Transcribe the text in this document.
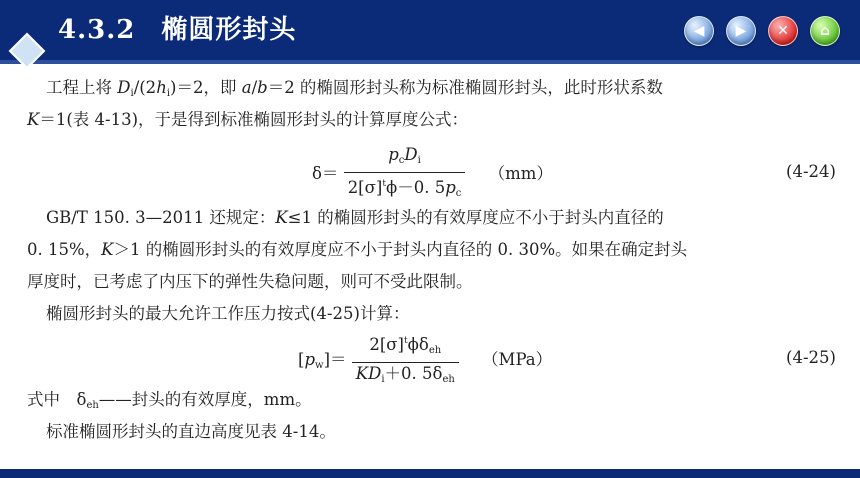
4.3.2 椭圆形封头	◀ ▶ ✕ ⌂
工程上将 $D_i/(2h_i)=2$，即 a/b＝2 的椭圆形封头称为标准椭圆形封头，此时形状系数
K＝1(表 4-13)，于是得到标准椭圆形封头的计算厚度公式：
$\delta= \frac{p_cD_i}{2[\sigma]^t\phi-0. 5p_c} (mm)$	(4-24)
GB/T 150. 3—2011 还规定：K≤1 的椭圆形封头的有效厚度应不小于封头内直径的
0. 15%，K＞1 的椭圆形封头的有效厚度应不小于封头内直径的 0. 30%。如果在确定封头
厚度时，已考虑了内压下的弹性失稳问题，则可不受此限制。
椭圆形封头的最大允许工作压力按式(4-25)计算：
$[p_w]= \frac{2[\sigma]^t\phi\delta_{eh}}{KD_i+0. 5\delta_{eh}} (MPa)$	(4-25)
式中　$\delta_{eh}——$封头的有效厚度，mm。
标准椭圆形封头的直边高度见表 4-14。
